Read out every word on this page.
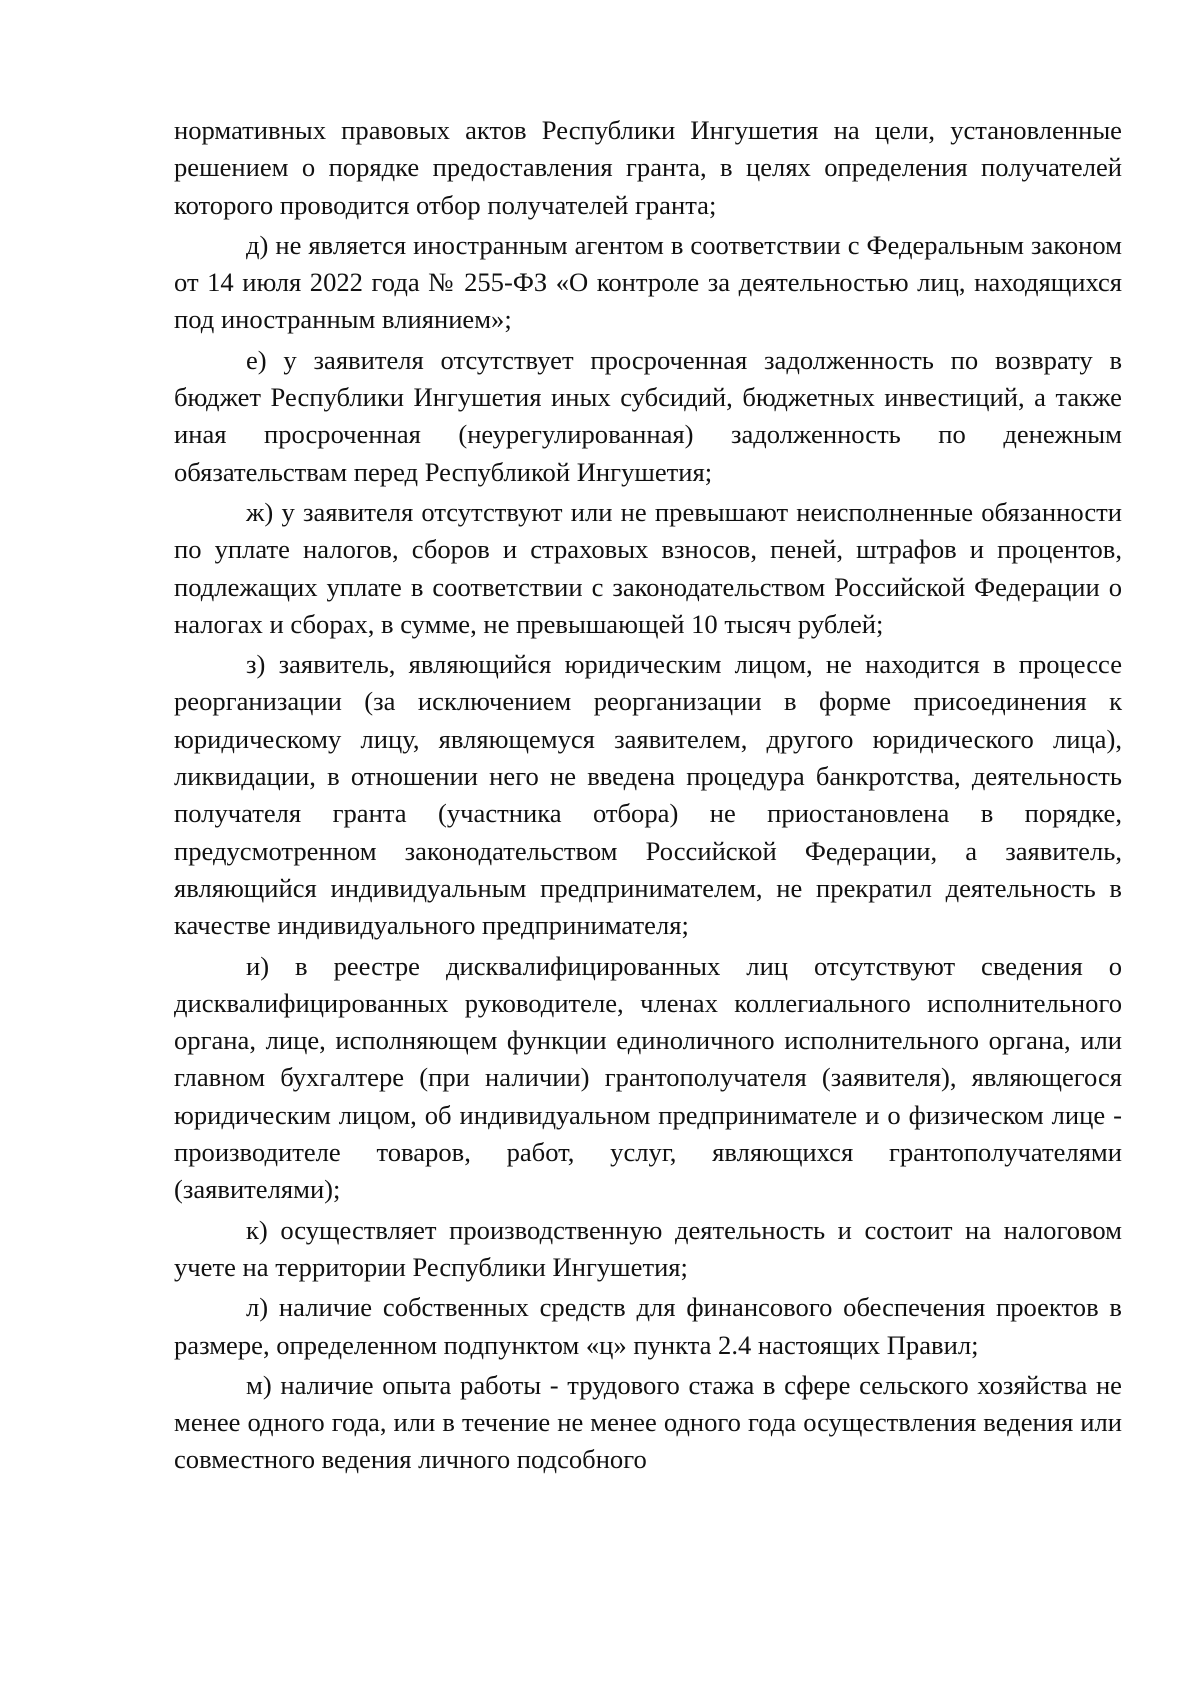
нормативных правовых актов Республики Ингушетия на цели, установленные решением о порядке предоставления гранта, в целях определения получателей которого проводится отбор получателей гранта;

д) не является иностранным агентом в соответствии с Федеральным законом от 14 июля 2022 года № 255-ФЗ «О контроле за деятельностью лиц, находящихся под иностранным влиянием»;

е) у заявителя отсутствует просроченная задолженность по возврату в бюджет Республики Ингушетия иных субсидий, бюджетных инвестиций, а также иная просроченная (неурегулированная) задолженность по денежным обязательствам перед Республикой Ингушетия;

ж) у заявителя отсутствуют или не превышают неисполненные обязанности по уплате налогов, сборов и страховых взносов, пеней, штрафов и процентов, подлежащих уплате в соответствии с законодательством Российской Федерации о налогах и сборах, в сумме, не превышающей 10 тысяч рублей;

з) заявитель, являющийся юридическим лицом, не находится в процессе реорганизации (за исключением реорганизации в форме присоединения к юридическому лицу, являющемуся заявителем, другого юридического лица), ликвидации, в отношении него не введена процедура банкротства, деятельность получателя гранта (участника отбора) не приостановлена в порядке, предусмотренном законодательством Российской Федерации, а заявитель, являющийся индивидуальным предпринимателем, не прекратил деятельность в качестве индивидуального предпринимателя;

и) в реестре дисквалифицированных лиц отсутствуют сведения о дисквалифицированных руководителе, членах коллегиального исполнительного органа, лице, исполняющем функции единоличного исполнительного органа, или главном бухгалтере (при наличии) грантополучателя (заявителя), являющегося юридическим лицом, об индивидуальном предпринимателе и о физическом лице - производителе товаров, работ, услуг, являющихся грантополучателями (заявителями);

к) осуществляет производственную деятельность и состоит на налоговом учете на территории Республики Ингушетия;

л) наличие собственных средств для финансового обеспечения проектов в размере, определенном подпунктом «ц» пункта 2.4 настоящих Правил;

м) наличие опыта работы - трудового стажа в сфере сельского хозяйства не менее одного года, или в течение не менее одного года осуществления ведения или совместного ведения личного подсобного
